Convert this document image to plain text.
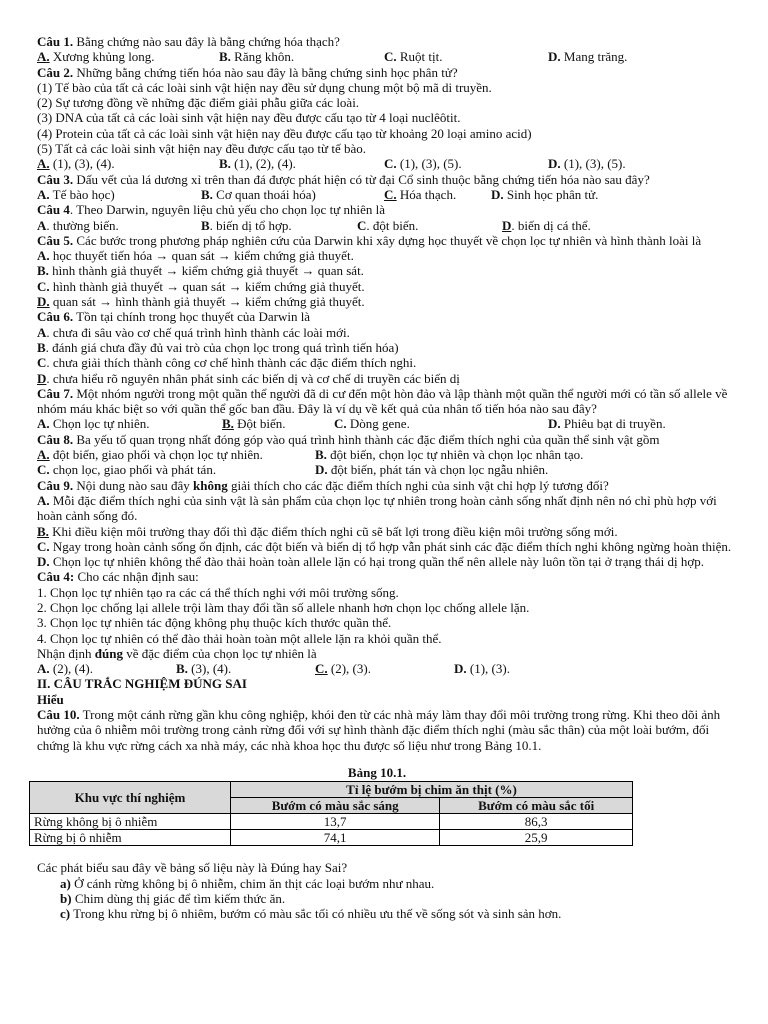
Câu 1. Bằng chứng nào sau đây là bằng chứng hóa thạch?
A. Xương khủng long.	B. Răng khôn.	C. Ruột tịt.	D. Mang trăng.
Câu 2. Những bằng chứng tiến hóa nào sau đây là bằng chứng sinh học phân tử?
(1) Tế bào của tất cả các loài sinh vật hiện nay đều sử dụng chung một bộ mã di truyền.
(2) Sự tương đồng về những đặc điểm giải phẫu giữa các loài.
(3) DNA của tất cả các loài sinh vật hiện nay đều được cấu tạo từ 4 loại nuclêôtit.
(4) Protein của tất cả các loài sinh vật hiện nay đều được cấu tạo từ khoảng 20 loại amino acid)
(5) Tất cả các loài sinh vật hiện nay đều được cấu tạo từ tế bào.
A. (1), (3), (4).	B. (1), (2), (4).	C. (1), (3), (5).	D. (1), (3), (5).
Câu 3. Dấu vết của lá dương xỉ trên than đá được phát hiện có từ đại Cổ sinh thuộc bằng chứng tiến hóa nào sau đây?
A. Tế bào học)	B. Cơ quan thoái hóa)	C. Hóa thạch.	D. Sinh học phân tử.
Câu 4. Theo Darwin, nguyên liệu chủ yếu cho chọn lọc tự nhiên là
A. thường biến.	B. biến dị tổ hợp.	C. đột biến.	D. biến dị cá thể.
Câu 5. Các bước trong phương pháp nghiên cứu của Darwin khi xây dựng học thuyết về chọn lọc tự nhiên và hình thành loài là
A. học thuyết tiến hóa → quan sát → kiểm chứng giả thuyết.
B. hình thành giả thuyết → kiểm chứng giả thuyết → quan sát.
C. hình thành giả thuyết → quan sát → kiểm chứng giả thuyết.
D. quan sát → hình thành giả thuyết → kiểm chứng giả thuyết.
Câu 6. Tồn tại chính trong học thuyết của Darwin là
A. chưa đi sâu vào cơ chế quá trình hình thành các loài mới.
B. đánh giá chưa đầy đủ vai trò của chọn lọc trong quá trình tiến hóa)
C. chưa giải thích thành công cơ chế hình thành các đặc điểm thích nghi.
D. chưa hiểu rõ nguyên nhân phát sinh các biến dị và cơ chế di truyền các biến dị
Câu 7. Một nhóm người trong một quần thể người đã di cư đến một hòn đảo và lập thành một quần thể người mới có tần số allele về nhóm máu khác biệt so với quần thể gốc ban đầu. Đây là ví dụ về kết quả của nhân tố tiến hóa nào sau đây?
A. Chọn lọc tự nhiên.	B. Đột biến.	C. Dòng gene.	D. Phiêu bạt di truyền.
Câu 8. Ba yếu tố quan trọng nhất đóng góp vào quá trình hình thành các đặc điểm thích nghi của quần thể sinh vật gồm
A. đột biến, giao phối và chọn lọc tự nhiên.	B. đột biến, chọn lọc tự nhiên và chọn lọc nhân tạo.
C. chọn lọc, giao phối và phát tán.	D. đột biến, phát tán và chọn lọc ngẫu nhiên.
Câu 9. Nội dung nào sau đây không giải thích cho các đặc điểm thích nghi của sinh vật chỉ hợp lý tương đối?
A. Mỗi đặc điểm thích nghi của sinh vật là sản phẩm của chọn lọc tự nhiên trong hoàn cảnh sống nhất định nên nó chỉ phù hợp với hoàn cảnh sống đó.
B. Khi điều kiện môi trường thay đổi thì đặc điểm thích nghi cũ sẽ bất lợi trong điều kiện môi trường sống mới.
C. Ngay trong hoàn cảnh sống ổn định, các đột biến và biến dị tổ hợp vẫn phát sinh các đặc điểm thích nghi không ngừng hoàn thiện.
D. Chọn lọc tự nhiên không thể đào thải hoàn toàn allele lặn có hại trong quần thể nên allele này luôn tồn tại ở trạng thái dị hợp.
Câu 4: Cho các nhận định sau:
1. Chọn lọc tự nhiên tạo ra các cá thể thích nghi với môi trường sống.
2. Chọn lọc chống lại allele trội làm thay đổi tần số allele nhanh hơn chọn lọc chống allele lặn.
3. Chọn lọc tự nhiên tác động không phụ thuộc kích thước quần thể.
4. Chọn lọc tự nhiên có thể đào thải hoàn toàn một allele lặn ra khỏi quần thể.
Nhận định đúng về đặc điểm của chọn lọc tự nhiên là
A. (2), (4).	B. (3), (4).	C. (2), (3).	D. (1), (3).
II. CÂU TRẮC NGHIỆM ĐÚNG SAI
Hiểu
Câu 10. Trong một cánh rừng gần khu công nghiệp, khói đen từ các nhà máy làm thay đổi môi trường trong rừng. Khi theo dõi ảnh hưởng của ô nhiễm môi trường trong cảnh rừng đối với sự hình thành đặc điểm thích nghi (màu sắc thân) của một loài bướm, đối chứng là khu vực rừng cách xa nhà máy, các nhà khoa học thu được số liệu như trong Bảng 10.1.
Bảng 10.1.
Khu vực thí nghiệm	Tỉ lệ bướm bị chim ăn thịt (%)	
	Bướm có màu sắc sáng	Bướm có màu sắc tối
Rừng không bị ô nhiễm	13,7	86,3
Rừng bị ô nhiễm	74,1	25,9
Các phát biểu sau đây về bảng số liệu này là Đúng hay Sai?
a) Ở cánh rừng không bị ô nhiễm, chim ăn thịt các loại bướm như nhau.
b) Chim dùng thị giác để tìm kiếm thức ăn.
c) Trong khu rừng bị ô nhiêm, bướm có màu sắc tối có nhiều ưu thế về sống sót và sinh sản hơn.
